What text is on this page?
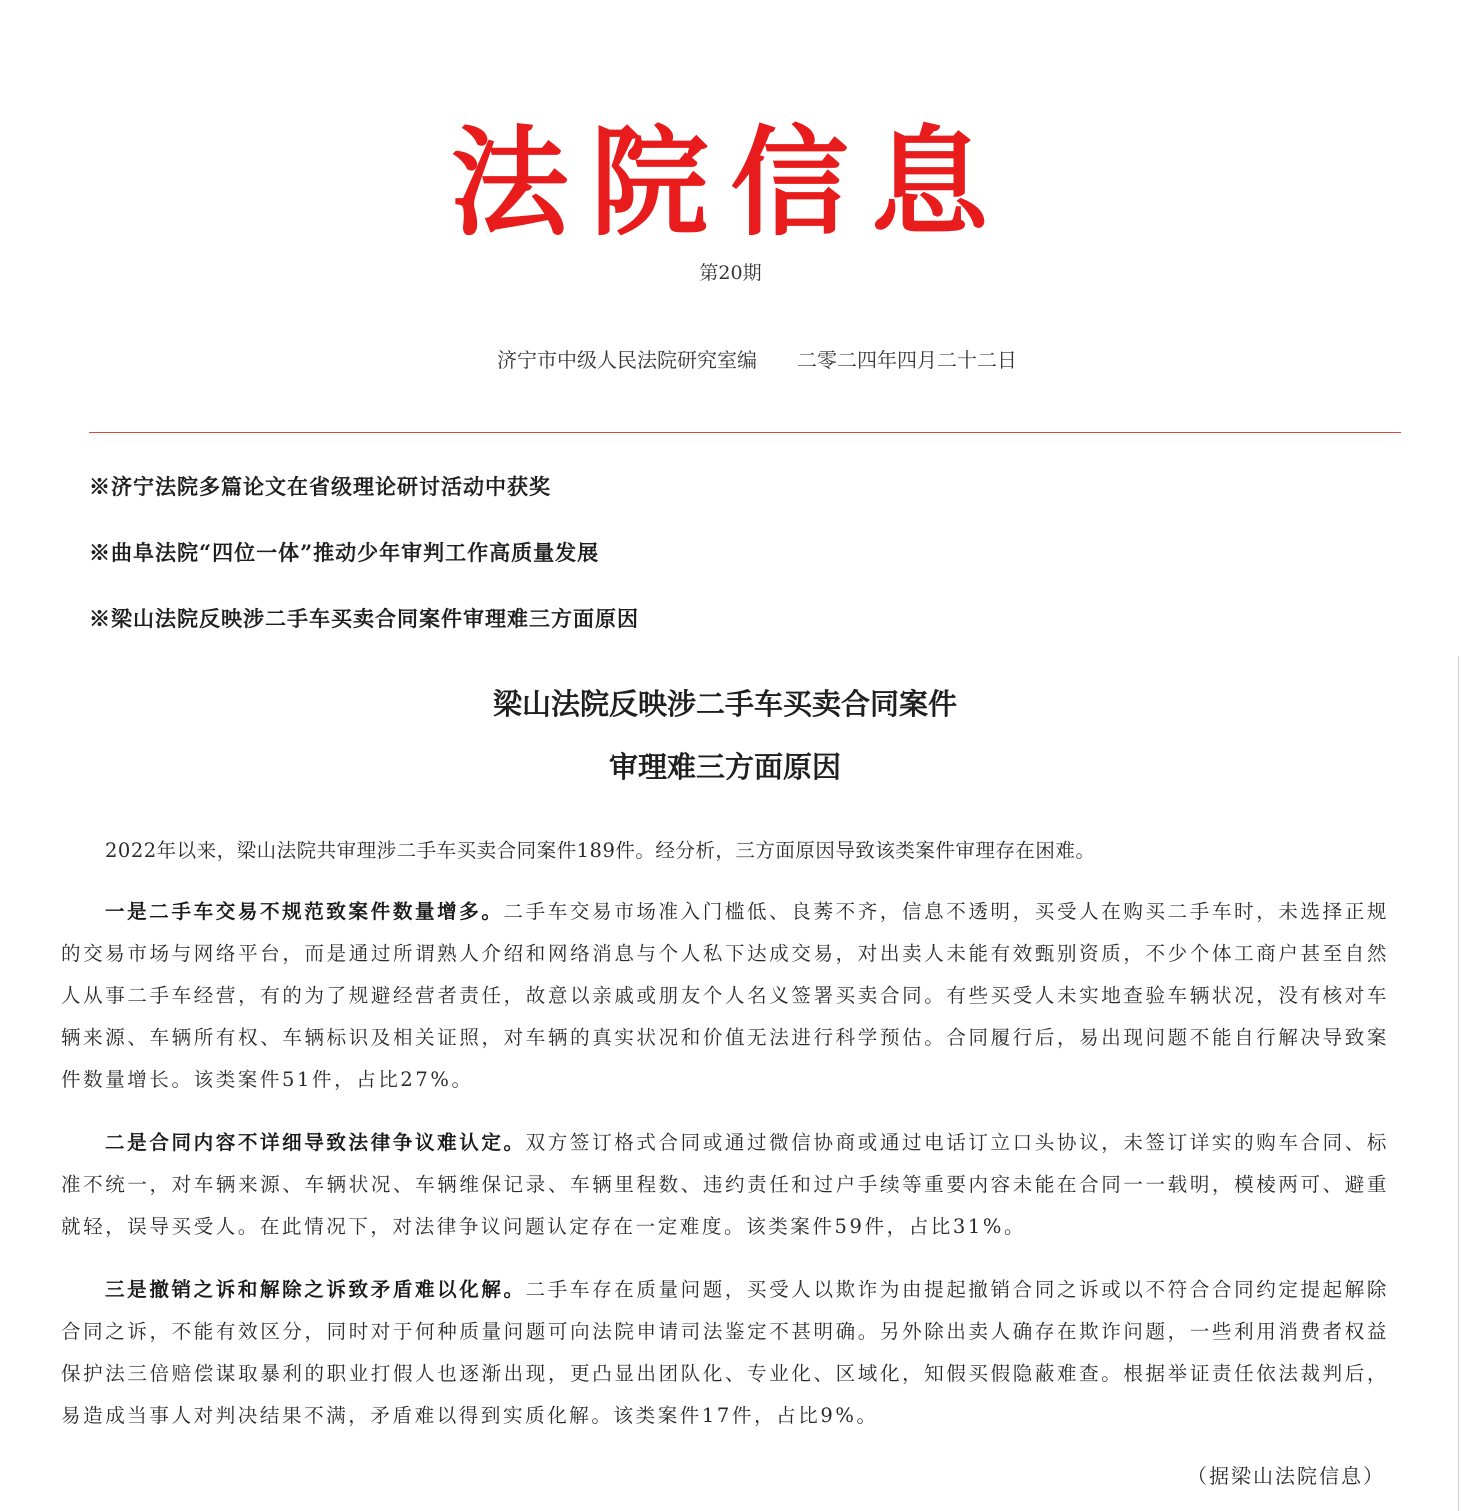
法院信息
第20期
济宁市中级人民法院研究室编 二零二四年四月二十二日
※济宁法院多篇论文在省级理论研讨活动中获奖
※曲阜法院“四位一体”推动少年审判工作高质量发展
※梁山法院反映涉二手车买卖合同案件审理难三方面原因
梁山法院反映涉二手车买卖合同案件
审理难三方面原因
2022年以来，梁山法院共审理涉二手车买卖合同案件189件。经分析，三方面原因导致该类案件审理存在困难。
一是二手车交易不规范致案件数量增多。二手车交易市场准入门槛低、良莠不齐，信息不透明，买受人在购买二手车时，未选择正规的交易市场与网络平台，而是通过所谓熟人介绍和网络消息与个人私下达成交易，对出卖人未能有效甄别资质，不少个体工商户甚至自然人从事二手车经营，有的为了规避经营者责任，故意以亲戚或朋友个人名义签署买卖合同。有些买受人未实地查验车辆状况，没有核对车辆来源、车辆所有权、车辆标识及相关证照，对车辆的真实状况和价值无法进行科学预估。合同履行后，易出现问题不能自行解决导致案件数量增长。该类案件51件，占比27%。
二是合同内容不详细导致法律争议难认定。双方签订格式合同或通过微信协商或通过电话订立口头协议，未签订详实的购车合同、标准不统一，对车辆来源、车辆状况、车辆维保记录、车辆里程数、违约责任和过户手续等重要内容未能在合同一一载明，模棱两可、避重就轻，误导买受人。在此情况下，对法律争议问题认定存在一定难度。该类案件59件，占比31%。
三是撤销之诉和解除之诉致矛盾难以化解。二手车存在质量问题，买受人以欺诈为由提起撤销合同之诉或以不符合合同约定提起解除合同之诉，不能有效区分，同时对于何种质量问题可向法院申请司法鉴定不甚明确。另外除出卖人确存在欺诈问题，一些利用消费者权益保护法三倍赔偿谋取暴利的职业打假人也逐渐出现，更凸显出团队化、专业化、区域化，知假买假隐蔽难查。根据举证责任依法裁判后，易造成当事人对判决结果不满，矛盾难以得到实质化解。该类案件17件，占比9%。
（据梁山法院信息）
